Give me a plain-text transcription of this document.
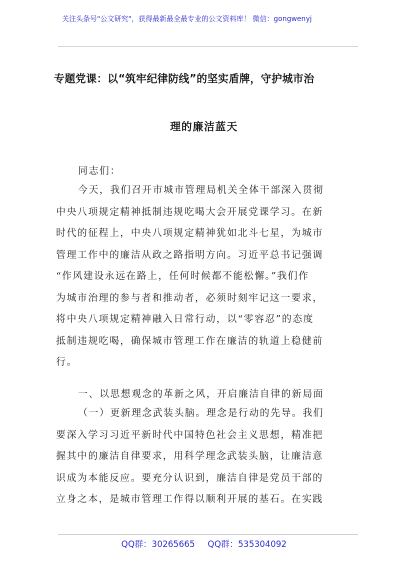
关注头条号"公文研究"，获得最新最全最专业的公文资料库！ 微信：gongwenyj
专题党课：以“筑牢纪律防线”的坚实盾牌，守护城市治
理的廉洁蓝天
同志们：
今天，我们召开市城市管理局机关全体干部深入贯彻
中央八项规定精神抵制违规吃喝大会开展党课学习。在新
时代的征程上，中央八项规定精神犹如北斗七星，为城市
管理工作中的廉洁从政之路指明方向。习近平总书记强调
“作风建设永远在路上，任何时候都不能松懈。”我们作
为城市治理的参与者和推动者，必须时刻牢记这一要求，
将中央八项规定精神融入日常行动，以“零容忍”的态度
抵制违规吃喝，确保城市管理工作在廉洁的轨道上稳健前
行。
一、以思想观念的革新之风，开启廉洁自律的新局面
（一）更新理念武装头脑。理念是行动的先导。我们
要深入学习习近平新时代中国特色社会主义思想，精准把
握其中的廉洁自律要求，用科学理念武装头脑，让廉洁意
识成为本能反应。要充分认识到，廉洁自律是党员干部的
立身之本，是城市管理工作得以顺利开展的基石。在实践
QQ群：30265665 QQ群：535304092
